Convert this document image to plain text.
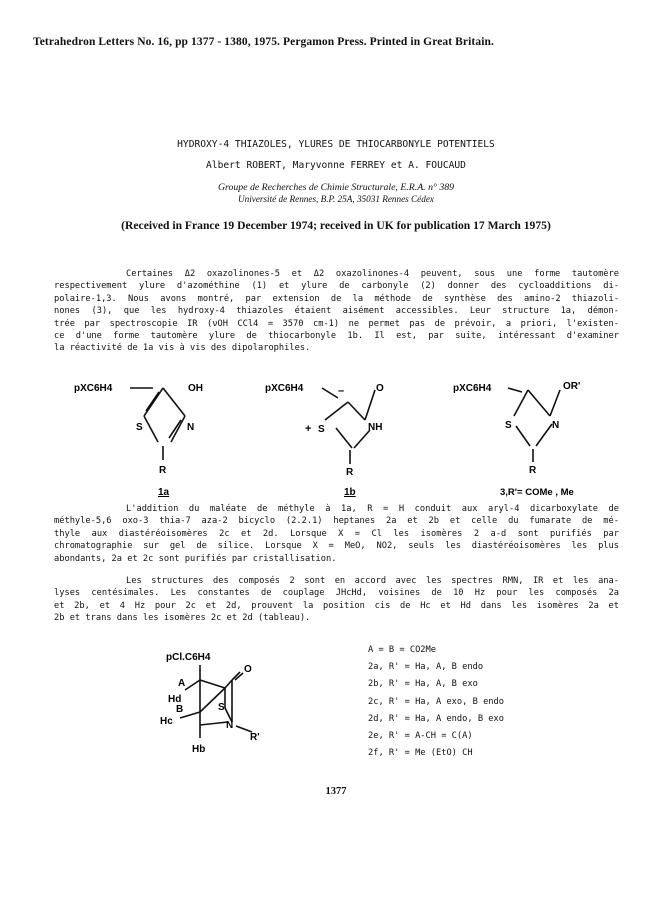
Tetrahedron Letters No. 16, pp 1377 - 1380, 1975. Pergamon Press. Printed in Great Britain.
HYDROXY-4 THIAZOLES, YLURES DE THIOCARBONYLE POTENTIELS
Albert ROBERT, Maryvonne FERREY et A. FOUCAUD
Groupe de Recherches de Chimie Structurale, E.R.A. n° 389
Université de Rennes, B.P. 25A, 35031 Rennes Cédex
(Received in France 19 December 1974; received in UK for publication 17 March 1975)
Certaines Δ2 oxazolinones-5 et Δ2 oxazolinones-4 peuvent, sous une forme tautomère
respectivement ylure d'azométhine (1) et ylure de carbonyle (2) donner des cycloadditions di-
polaire-1,3. Nous avons montré, par extension de la méthode de synthèse des amino-2 thiazoli-
nones (3), que les hydroxy-4 thiazoles étaient aisément accessibles. Leur structure 1a, démon-
trée par spectroscopie IR (νOH CCl4 = 3570 cm-1) ne permet pas de prévoir, a priori, l'existen-
ce d'une forme tautomère ylure de thiocarbonyle 1b. Il est, par suite, intéressant d'examiner
la réactivité de 1a vis à vis des dipolarophiles.
pXC6H4	OH
S	N
R
1a
pXC6H4	–	O
+ S	NH
R
1b
pXC6H4	OR'
S	N
R
3,R'= COMe , Me
L'addition du maléate de méthyle à 1a, R = H conduit aux aryl-4 dicarboxylate de
méthyle-5,6 oxo-3 thia-7 aza-2 bicyclo (2.2.1) heptanes 2a et 2b et celle du fumarate de mé-
thyle aux diastéréoisomères 2c et 2d. Lorsque X = Cl les isomères 2 a-d sont purifiés par
chromatographie sur gel de silice. Lorsque X = MeO, NO2, seuls les diastéréoisomères les plus
abondants, 2a et 2c sont purifiés par cristallisation.
Les structures des composés 2 sont en accord avec les spectres RMN, IR et les ana-
lyses centésimales. Les constantes de couplage JHcHd, voisines de 10 Hz pour les composés 2a
et 2b, et 4 Hz pour 2c et 2d, prouvent la position cis de Hc et Hd dans les isomères 2a et
2b et trans dans les isomères 2c et 2d (tableau).
pCl.C6H4
A
Hd
B
Hc
S
N
R'
O
Hb
A = B = CO2Me
2a, R' = Ha, A, B endo
2b, R' = Ha, A, B exo
2c, R' = Ha, A exo, B endo
2d, R' = Ha, A endo, B exo
2e, R' = A-CH = C(A)
2f, R' = Me (EtO) CH
1377
